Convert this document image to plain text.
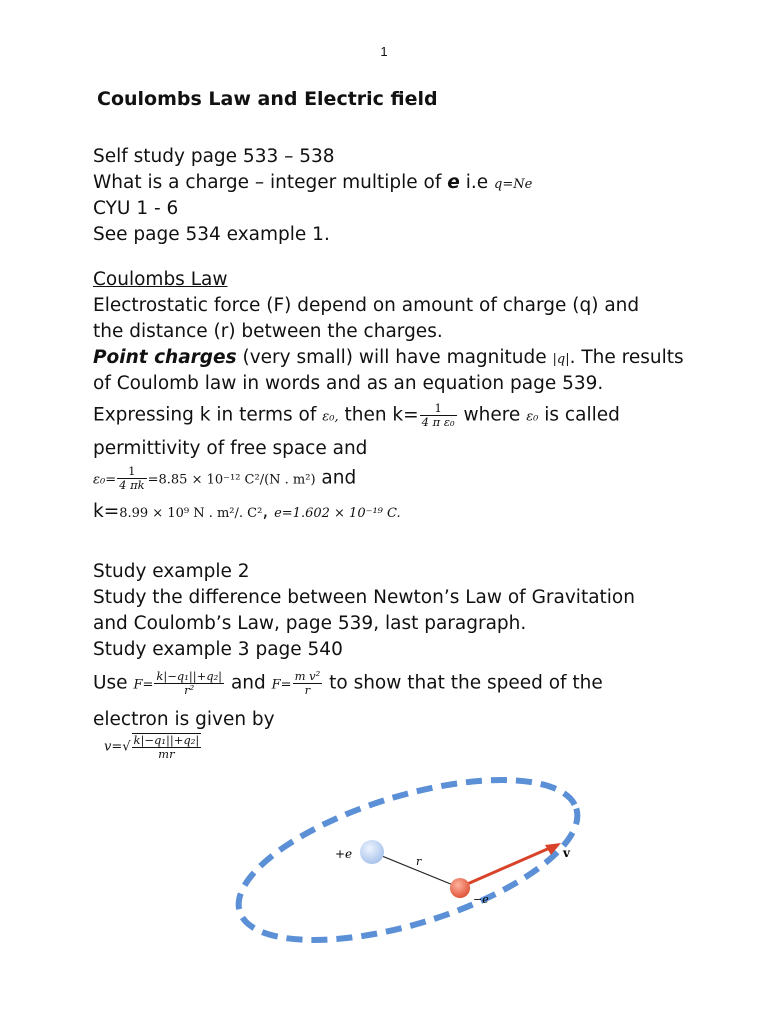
1
Coulombs Law and Electric field
Self study page 533 – 538
What is a charge – integer multiple of e i.e q=Ne
CYU 1 - 6
See page 534 example 1.
Coulombs Law
Electrostatic force (F) depend on amount of charge (q) and
the distance (r) between the charges.
Point charges (very small) will have magnitude |q|. The results
of Coulomb law in words and as an equation page 539.
Expressing k in terms of ε₀, then $k= \frac{1}{\text{4 π ε₀}}$ where ε₀ is called
permittivity of free space and
$\varepsilon_0= \frac{1}{4 \pi k} =8.85 \times 10^{-12}$ C²/(N . m²) and
k=8.99 × 10⁹ N . m²/. C², e=1.602 × 10⁻¹⁹ C.
Study example 2
Study the difference between Newton’s Law of Gravitation
and Coulomb’s Law, page 539, last paragraph.
Study example 3 page 540
Use $F= \frac{\text{k|−q₁||+q₂|}}{\text{r²}}$ and $F= \frac{\text{m v²}}{r}$ to show that the speed of the
electron is given by
$v=√ \frac{\text{k|−q₁||+q₂|}}{mr}$
+e
r
−e
v
